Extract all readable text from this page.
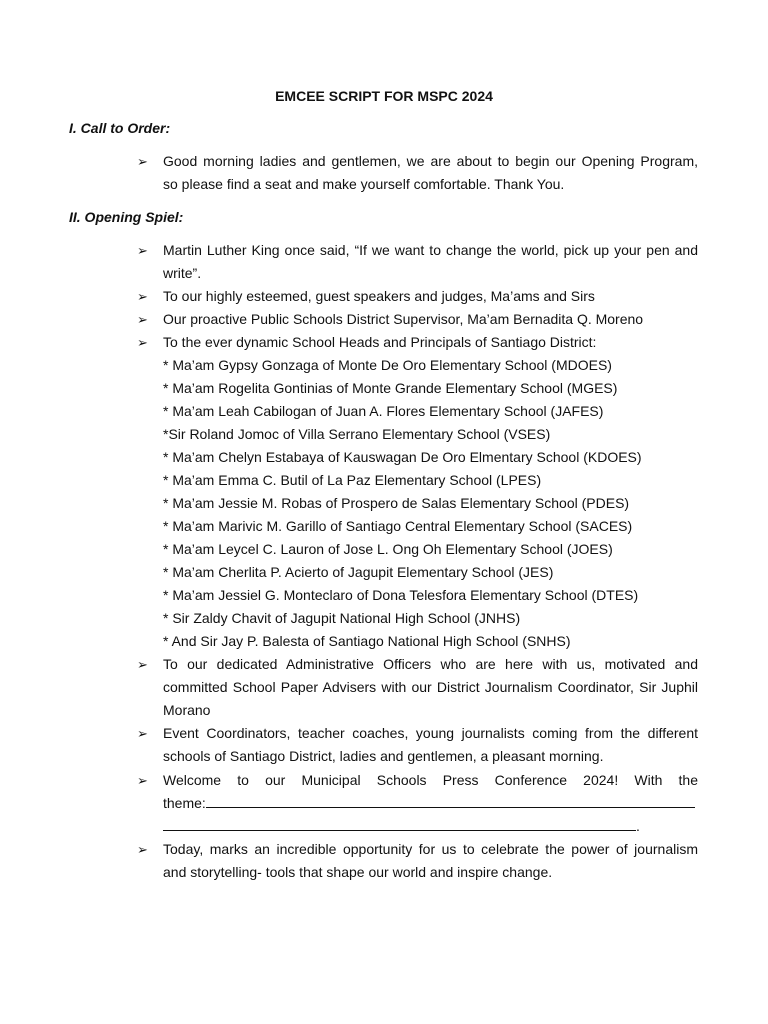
EMCEE SCRIPT FOR MSPC 2024
I. Call to Order:
➢	Good morning ladies and gentlemen, we are about to begin our Opening Program,
so please find a seat and make yourself comfortable. Thank You.
II. Opening Spiel:
➢	Martin Luther King once said, “If we want to change the world, pick up your pen and
write”.
➢	To our highly esteemed, guest speakers and judges, Ma’ams and Sirs
➢	Our proactive Public Schools District Supervisor, Ma’am Bernadita Q. Moreno
➢	To the ever dynamic School Heads and Principals of Santiago District:
* Ma’am Gypsy Gonzaga of Monte De Oro Elementary School (MDOES)
* Ma’am Rogelita Gontinias of Monte Grande Elementary School (MGES)
* Ma’am Leah Cabilogan of Juan A. Flores Elementary School (JAFES)
*Sir Roland Jomoc of Villa Serrano Elementary School (VSES)
* Ma’am Chelyn Estabaya of Kauswagan De Oro Elmentary School (KDOES)
* Ma’am Emma C. Butil of La Paz Elementary School (LPES)
* Ma’am Jessie M. Robas of Prospero de Salas Elementary School (PDES)
* Ma’am Marivic M. Garillo of Santiago Central Elementary School (SACES)
* Ma’am Leycel C. Lauron of Jose L. Ong Oh Elementary School (JOES)
* Ma’am Cherlita P. Acierto of Jagupit Elementary School (JES)
* Ma’am Jessiel G. Monteclaro of Dona Telesfora Elementary School (DTES)
* Sir Zaldy Chavit of Jagupit National High School (JNHS)
* And Sir Jay P. Balesta of Santiago National High School (SNHS)
➢	To our dedicated Administrative Officers who are here with us, motivated and
committed School Paper Advisers with our District Journalism Coordinator, Sir Juphil
Morano
➢	Event Coordinators, teacher coaches, young journalists coming from the different
schools of Santiago District, ladies and gentlemen, a pleasant morning.
➢	Welcome to our Municipal Schools Press Conference 2024! With the
theme:
.
➢	Today, marks an incredible opportunity for us to celebrate the power of journalism
and storytelling- tools that shape our world and inspire change.
